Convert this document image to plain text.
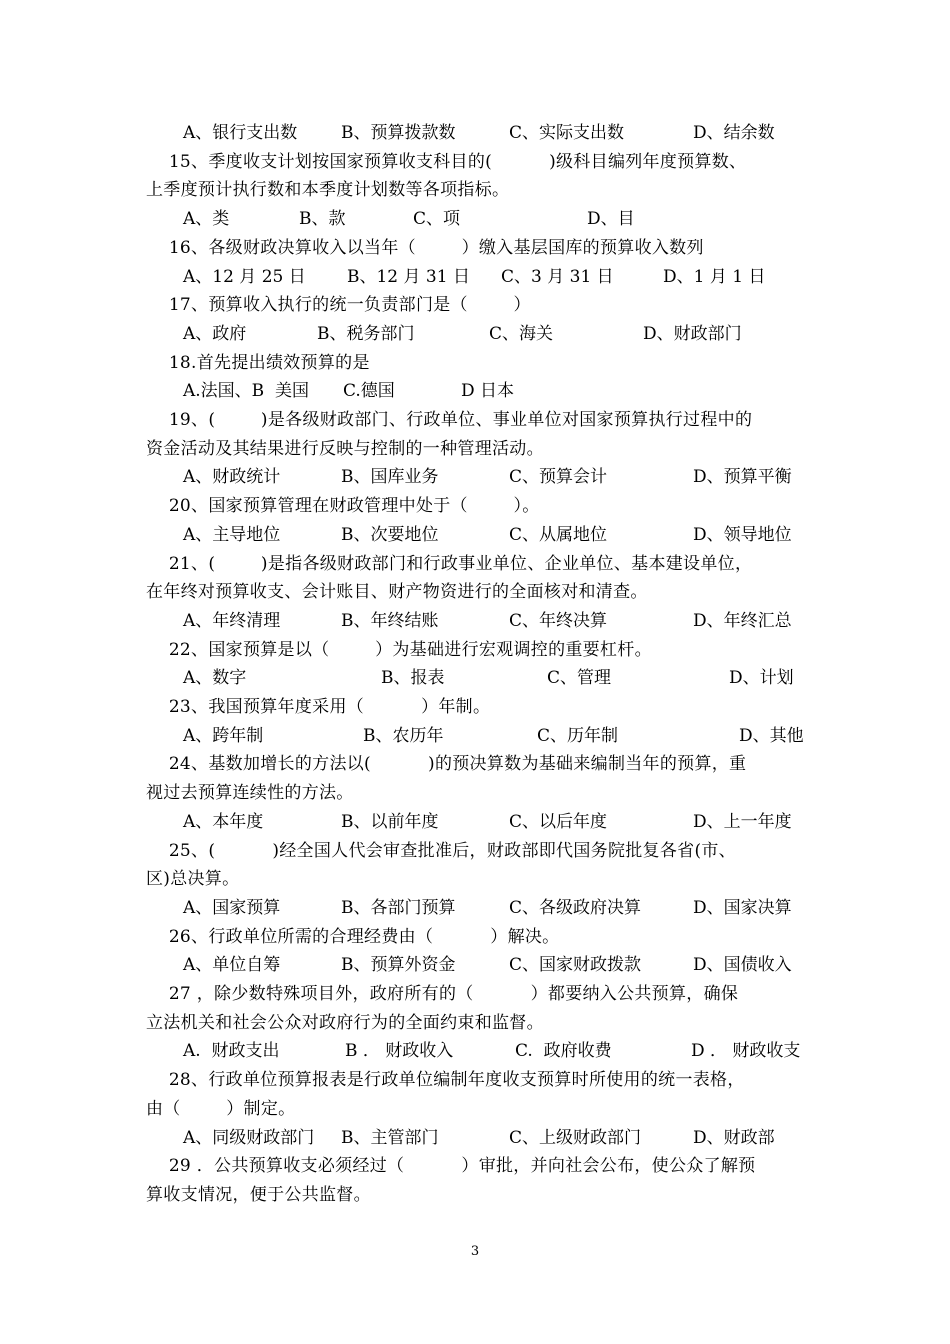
A、银行支出数	B、预算拨款数	C、实际支出数	D、结余数
15、季度收支计划按国家预算收支科目的(          )级科目编列年度预算数、
上季度预计执行数和本季度计划数等各项指标。
A、类	B、款	C、项	D、目
16、各级财政决算收入以当年（        ）缴入基层国库的预算收入数列
A、12 月 25 日 B、12 月 31 日 C、3 月 31 日	D、1 月 1 日
17、预算收入执行的统一负责部门是（        ）
A、政府	B、税务部门	C、海关	D、财政部门
18.首先提出绩效预算的是
A.法国、B  美国 C.德国	D 日本
19、(        )是各级财政部门、行政单位、事业单位对国家预算执行过程中的
资金活动及其结果进行反映与控制的一种管理活动。
A、财政统计	B、国库业务	C、预算会计	D、预算平衡
20、国家预算管理在财政管理中处于（        ）。
A、主导地位	B、次要地位	C、从属地位	D、领导地位
21、(        )是指各级财政部门和行政事业单位、企业单位、基本建设单位，
在年终对预算收支、会计账目、财产物资进行的全面核对和清查。
A、年终清理	B、年终结账	C、年终决算	D、年终汇总
22、国家预算是以（        ）为基础进行宏观调控的重要杠杆。
A、数字	B、报表	C、管理	D、计划
23、我国预算年度采用（          ）年制。
A、跨年制	B、农历年	C、历年制	D、其他
24、基数加增长的方法以(          )的预决算数为基础来编制当年的预算，重
视过去预算连续性的方法。
A、本年度	B、以前年度	C、以后年度	D、上一年度
25、(          )经全国人代会审查批准后，财政部即代国务院批复各省(市、
区)总决算。
A、国家预算	B、各部门预算	C、各级政府决算	D、国家决算
26、行政单位所需的合理经费由（          ）解决。
A、单位自筹	B、预算外资金	C、国家财政拨款	D、国债收入
27 ，除少数特殊项目外，政府所有的（          ）都要纳入公共预算，确保
立法机关和社会公众对政府行为的全面约束和监督。
A.  财政支出	B ． 财政收入	C.  政府收费	D ． 财政收支
28、行政单位预算报表是行政单位编制年度收支预算时所使用的统一表格，
由（        ）制定。
A、同级财政部门 B、主管部门	C、上级财政部门	D、财政部
29 ．公共预算收支必须经过（          ）审批，并向社会公布，使公众了解预
算收支情况，便于公共监督。
3
